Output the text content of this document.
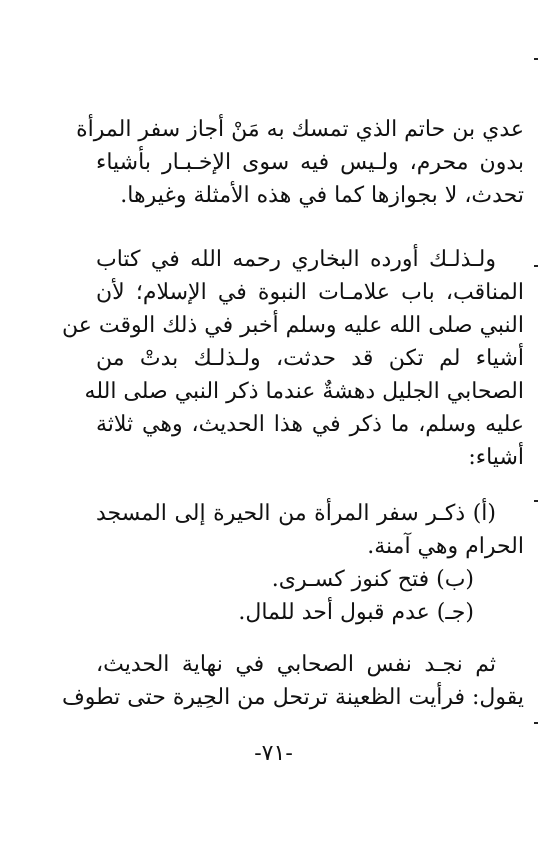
عدي بن حاتم الذي تمسك به مَنْ أجاز سفر المرأة
بدون محرم، ولـيس فيه سوى الإخـبـار بأشياء
تحدث، لا بجوازها كما في هذه الأمثلة وغيرها.
ولـذلـك أورده البخاري رحمه الله في كتاب
المناقب، باب علامـات النبوة في الإسلام؛ لأن
النبي صلى الله عليه وسلم أخبر في ذلك الوقت عن
أشياء لم تكن قد حدثت، ولـذلـك بدتْ من
الصحابي الجليل دهشةٌ عندما ذكر النبي صلى الله
عليه وسلم، ما ذكر في هذا الحديث، وهي ثلاثة
أشياء:
(أ) ذكـر سفر المرأة من الحيرة إلى المسجد
الحرام وهي آمنة.
(ب) فتح كنوز كسـرى.
(جـ) عدم قبول أحد للمال.
ثم نجـد نفس الصحابي في نهاية الحديث،
يقول: فرأيت الظعينة ترتحل من الحِيرة حتى تطوف
-٧١-
